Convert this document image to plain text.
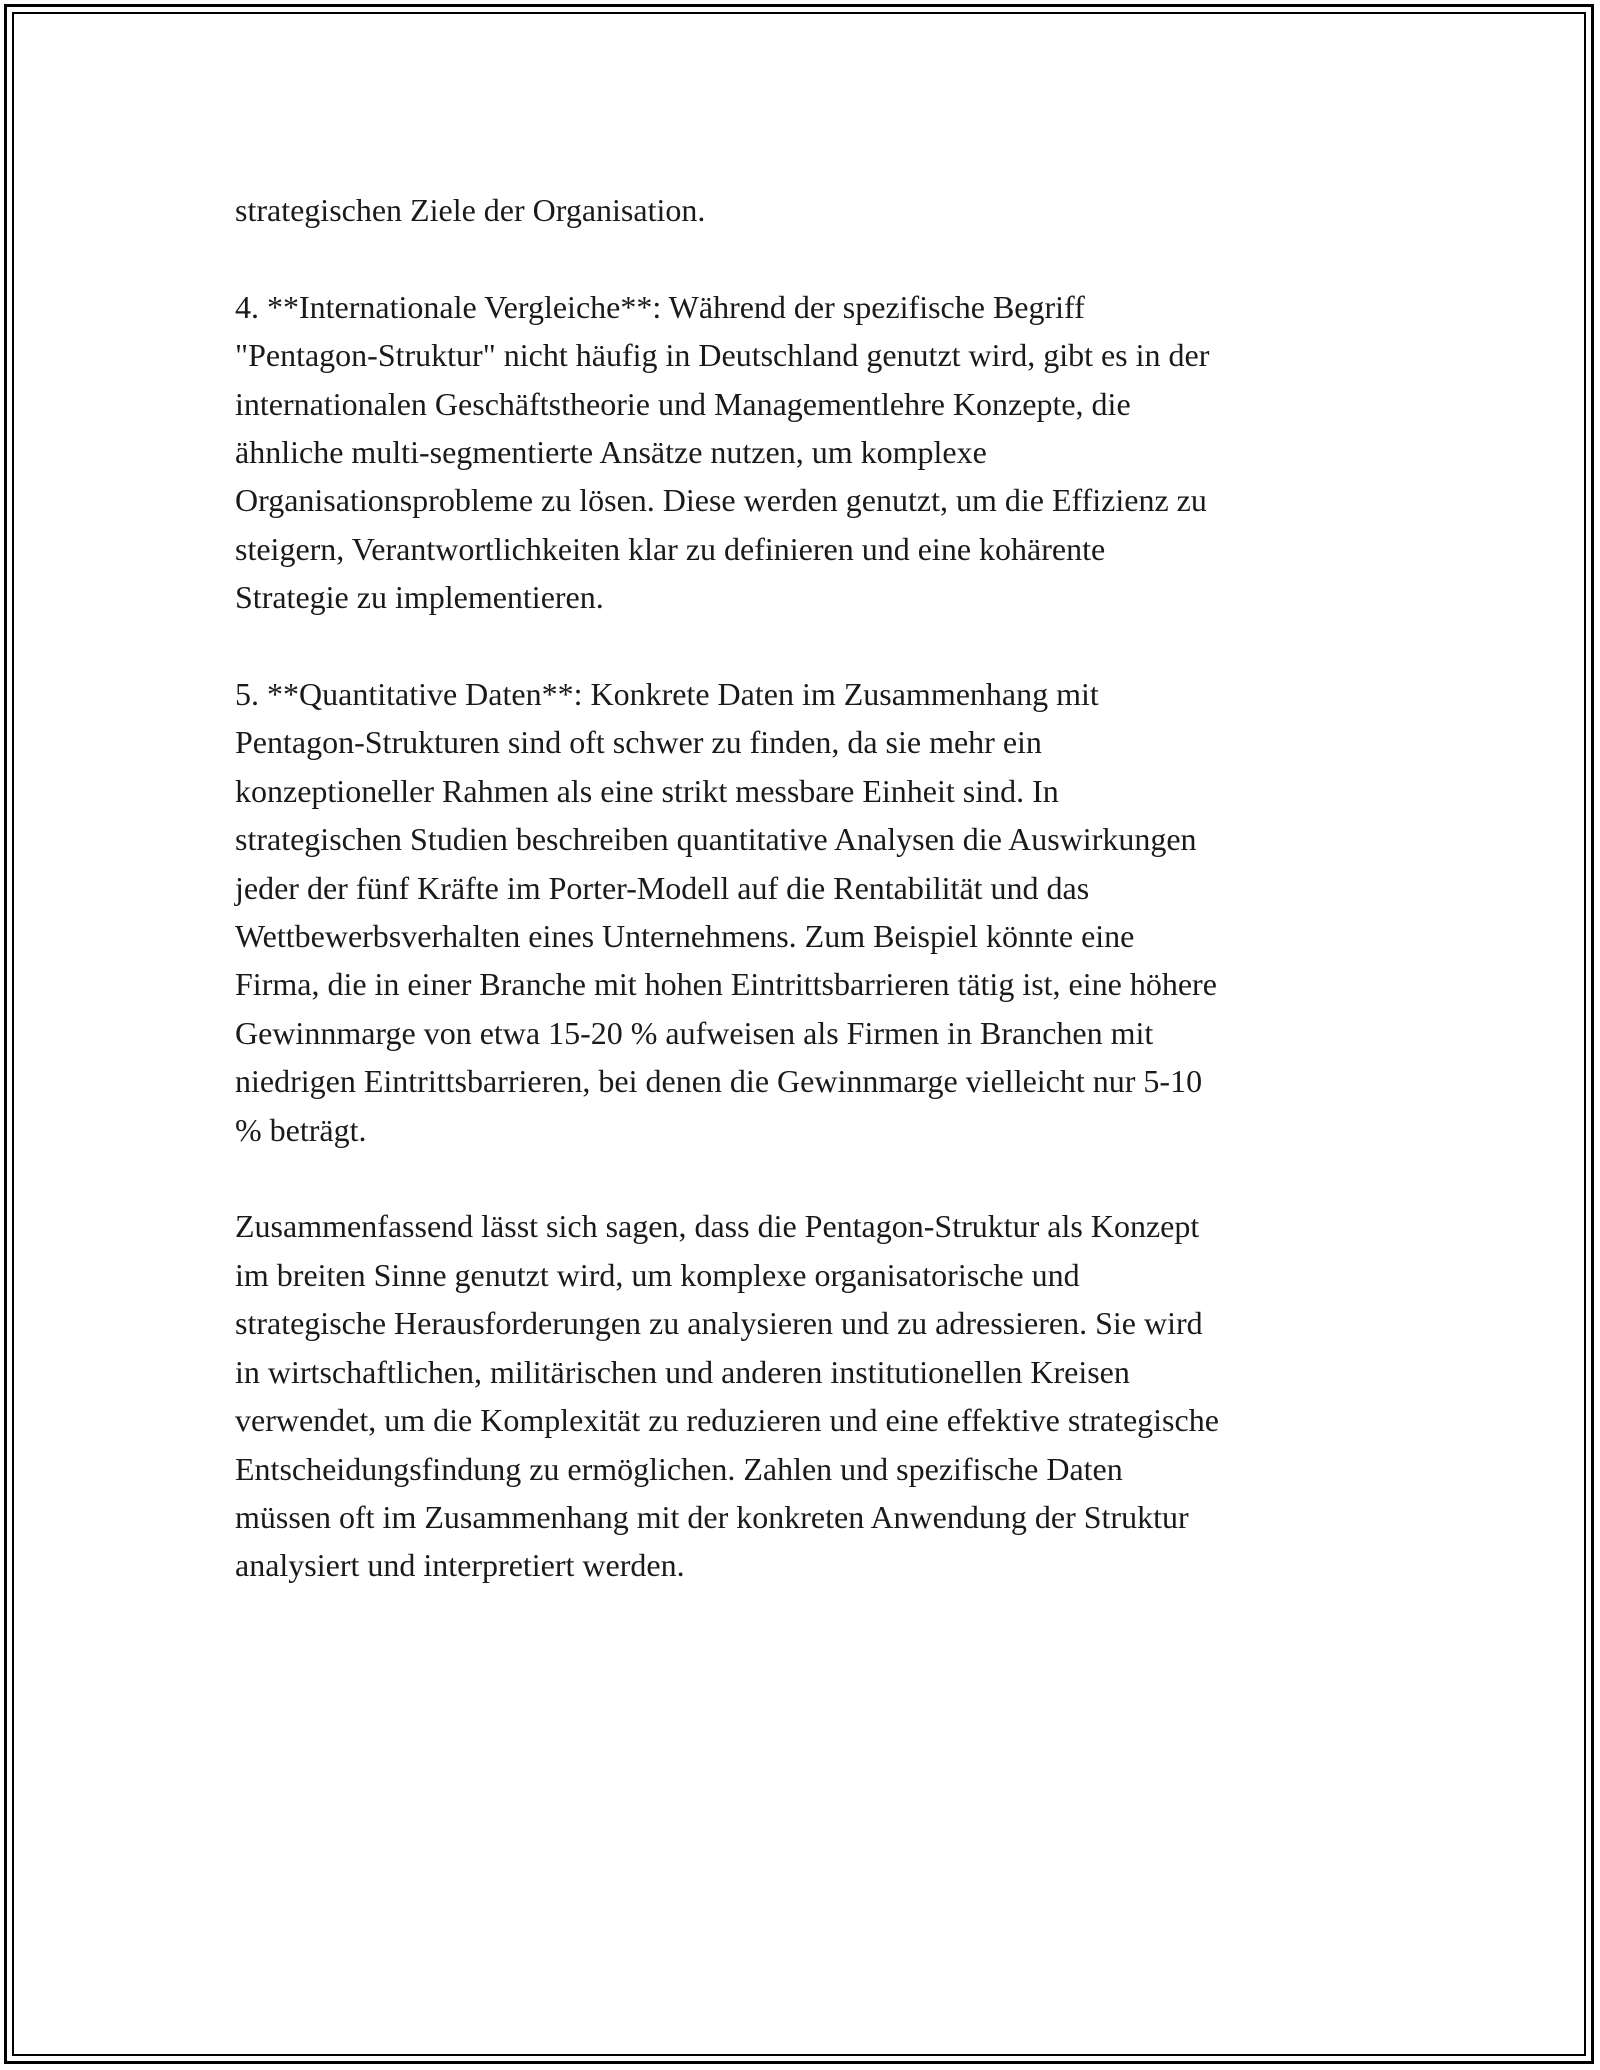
strategischen Ziele der Organisation.

4. **Internationale Vergleiche**: Während der spezifische Begriff
"Pentagon-Struktur" nicht häufig in Deutschland genutzt wird, gibt es in der
internationalen Geschäftstheorie und Managementlehre Konzepte, die
ähnliche multi-segmentierte Ansätze nutzen, um komplexe
Organisationsprobleme zu lösen. Diese werden genutzt, um die Effizienz zu
steigern, Verantwortlichkeiten klar zu definieren und eine kohärente
Strategie zu implementieren.

5. **Quantitative Daten**: Konkrete Daten im Zusammenhang mit
Pentagon-Strukturen sind oft schwer zu finden, da sie mehr ein
konzeptioneller Rahmen als eine strikt messbare Einheit sind. In
strategischen Studien beschreiben quantitative Analysen die Auswirkungen
jeder der fünf Kräfte im Porter-Modell auf die Rentabilität und das
Wettbewerbsverhalten eines Unternehmens. Zum Beispiel könnte eine
Firma, die in einer Branche mit hohen Eintrittsbarrieren tätig ist, eine höhere
Gewinnmarge von etwa 15-20 % aufweisen als Firmen in Branchen mit
niedrigen Eintrittsbarrieren, bei denen die Gewinnmarge vielleicht nur 5-10
% beträgt.

Zusammenfassend lässt sich sagen, dass die Pentagon-Struktur als Konzept
im breiten Sinne genutzt wird, um komplexe organisatorische und
strategische Herausforderungen zu analysieren und zu adressieren. Sie wird
in wirtschaftlichen, militärischen und anderen institutionellen Kreisen
verwendet, um die Komplexität zu reduzieren und eine effektive strategische
Entscheidungsfindung zu ermöglichen. Zahlen und spezifische Daten
müssen oft im Zusammenhang mit der konkreten Anwendung der Struktur
analysiert und interpretiert werden.
